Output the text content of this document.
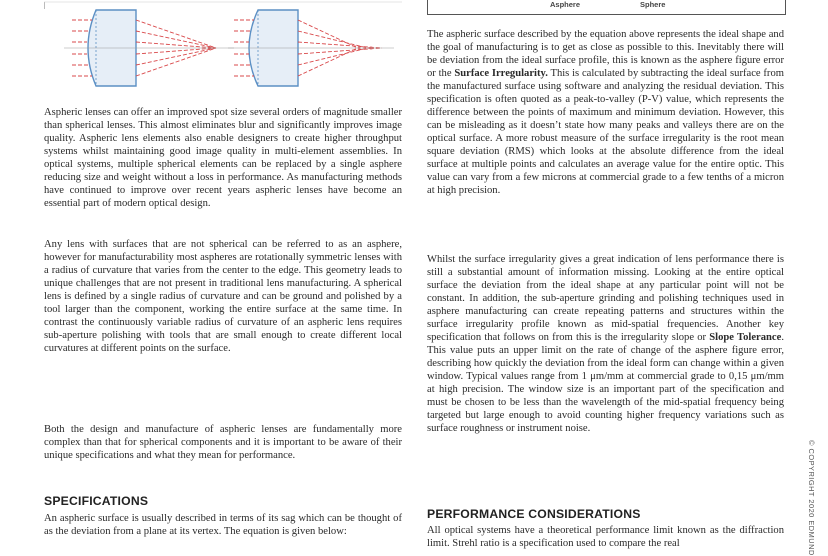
Asphere	Sphere

Aspheric lenses can offer an improved spot size several orders of magnitude smaller than spherical lenses. This almost eliminates blur and significantly improves image quality. Aspheric lens elements also enable designers to create higher throughput systems whilst maintaining good image quality in multi-element assemblies. In optical systems, multiple spherical elements can be replaced by a single asphere reducing size and weight without a loss in performance. As manufacturing methods have continued to improve over recent years aspheric lenses have become an essential part of modern optical design.

Any lens with surfaces that are not spherical can be referred to as an asphere, however for manufacturability most aspheres are rotationally symmetric lenses with a radius of curvature that varies from the center to the edge. This geometry leads to unique challenges that are not present in traditional lens manufacturing. A spherical lens is defined by a single radius of curvature and can be ground and polished by a tool larger than the component, working the entire surface at the same time. In contrast the continuously variable radius of curvature of an aspheric lens requires sub-aperture polishing with tools that are small enough to create different local curvatures at different points on the surface.

Both the design and manufacture of aspheric lenses are fundamentally more complex than that for spherical components and it is important to be aware of their unique specifications and what they mean for performance.

SPECIFICATIONS

An aspheric surface is usually described in terms of its sag which can be thought of as the deviation from a plane at its vertex. The equation is given below:

The aspheric surface described by the equation above represents the ideal shape and the goal of manufacturing is to get as close as possible to this. Inevitably there will be deviation from the ideal surface profile, this is known as the asphere figure error or the Surface Irregularity. This is calculated by subtracting the ideal surface from the manufactured surface using software and analyzing the residual deviation. This specification is often quoted as a peak-to-valley (P-V) value, which represents the difference between the points of maximum and minimum deviation. However, this can be misleading as it doesn’t state how many peaks and valleys there are on the optical surface. A more robust measure of the surface irregularity is the root mean square deviation (RMS) which looks at the absolute difference from the ideal surface at multiple points and calculates an average value for the entire optic. This value can vary from a few microns at commercial grade to a few tenths of a micron at high precision.

Whilst the surface irregularity gives a great indication of lens performance there is still a substantial amount of information missing. Looking at the entire optical surface the deviation from the ideal shape at any particular point will not be constant. In addition, the sub-aperture grinding and polishing techniques used in asphere manufacturing can create repeating patterns and structures within the surface irregularity profile known as mid-spatial frequencies. Another key specification that follows on from this is the irregularity slope or Slope Tolerance. This value puts an upper limit on the rate of change of the asphere figure error, describing how quickly the deviation from the ideal form can change within a given window. Typical values range from 1 μm/mm at commercial grade to 0,15 μm/mm at high precision. The window size is an important part of the specification and must be chosen to be less than the wavelength of the mid-spatial frequency being targeted but large enough to avoid counting higher frequency variations such as surface roughness or instrument noise.

PERFORMANCE CONSIDERATIONS

All optical systems have a theoretical performance limit known as the diffraction limit. Strehl ratio is a specification used to compare the real	© COPYRIGHT 2020 EDMUND
